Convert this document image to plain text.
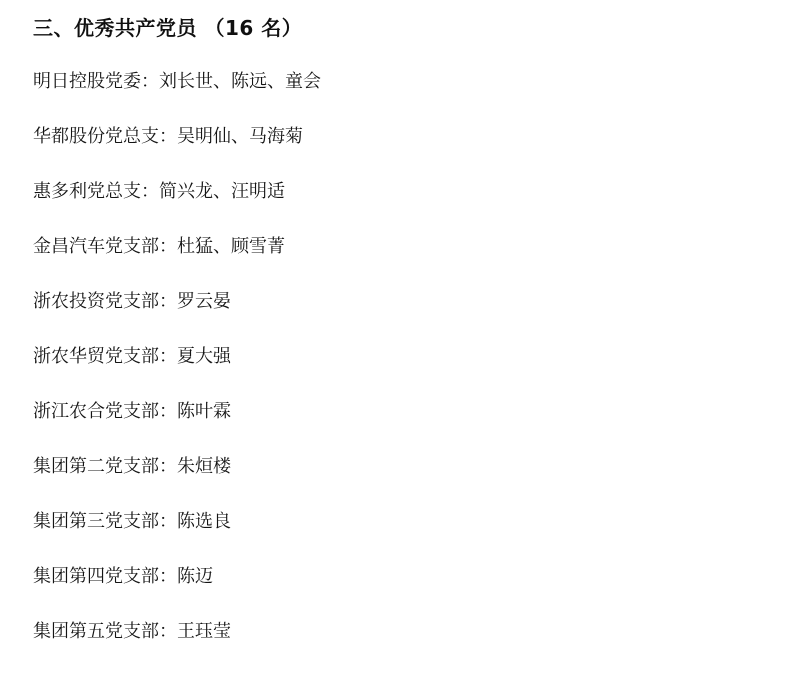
三、优秀共产党员 （16 名）
明日控股党委：刘长世、陈远、童会
华都股份党总支：吴明仙、马海菊
惠多利党总支：简兴龙、汪明适
金昌汽车党支部：杜猛、顾雪菁
浙农投资党支部：罗云晏
浙农华贸党支部：夏大强
浙江农合党支部：陈叶霖
集团第二党支部：朱烜楼
集团第三党支部：陈选良
集团第四党支部：陈迈
集团第五党支部：王珏莹
